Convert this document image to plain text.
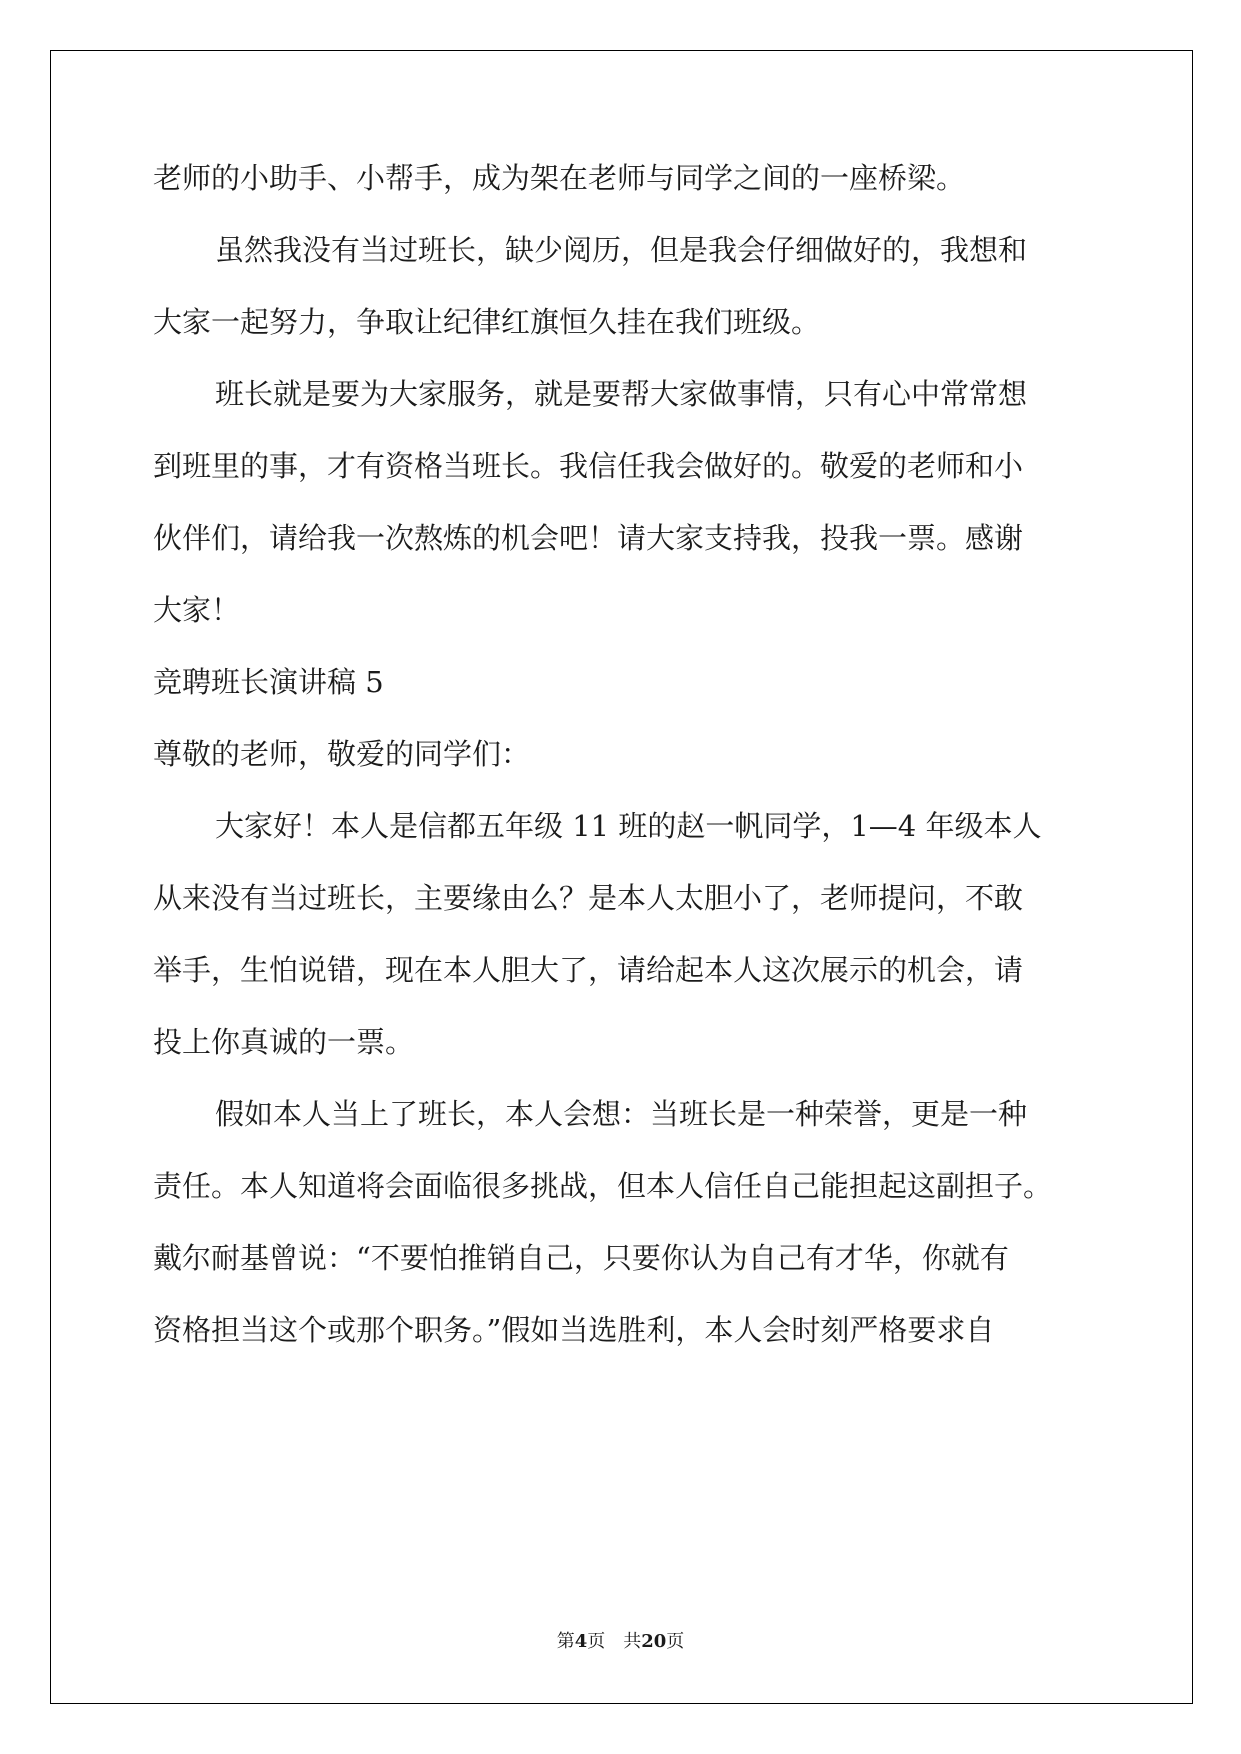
老师的小助手、小帮手，成为架在老师与同学之间的一座桥梁。
虽然我没有当过班长，缺少阅历，但是我会仔细做好的，我想和
大家一起努力，争取让纪律红旗恒久挂在我们班级。
班长就是要为大家服务，就是要帮大家做事情，只有心中常常想
到班里的事，才有资格当班长。我信任我会做好的。敬爱的老师和小
伙伴们，请给我一次熬炼的机会吧！请大家支持我，投我一票。感谢
大家！
竞聘班长演讲稿 5
尊敬的老师，敬爱的同学们：
大家好！本人是信都五年级 11 班的赵一帆同学，1—4 年级本人
从来没有当过班长，主要缘由么？是本人太胆小了，老师提问，不敢
举手，生怕说错，现在本人胆大了，请给起本人这次展示的机会，请
投上你真诚的一票。
假如本人当上了班长，本人会想：当班长是一种荣誉，更是一种
责任。本人知道将会面临很多挑战，但本人信任自己能担起这副担子。
戴尔耐基曾说：“不要怕推销自己，只要你认为自己有才华，你就有
资格担当这个或那个职务。”假如当选胜利，本人会时刻严格要求自
第4页　共20页
